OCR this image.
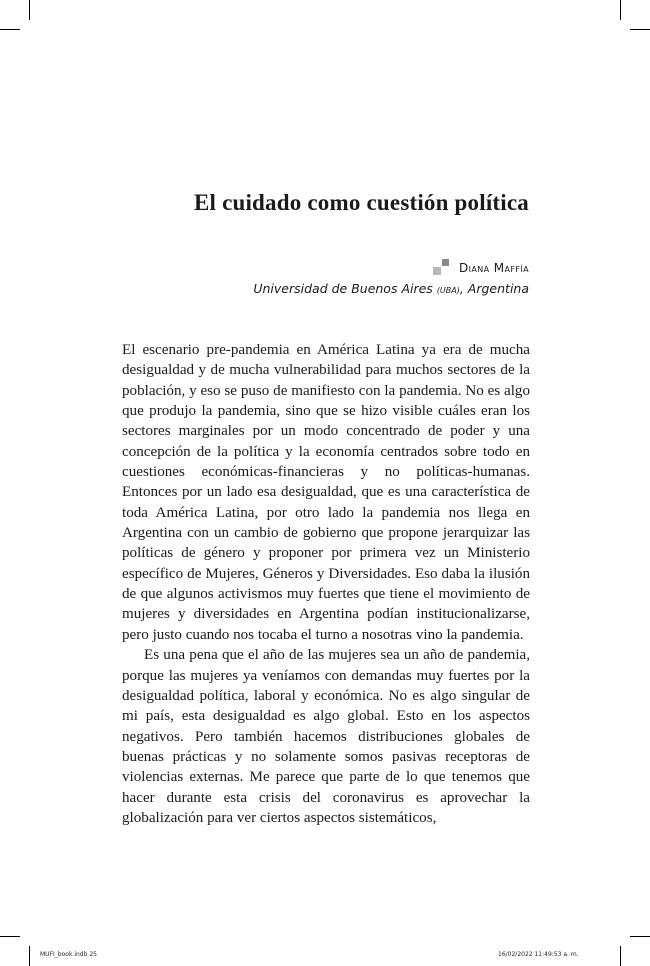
El cuidado como cuestión política
Diana Maffía
Universidad de Buenos Aires (UBA), Argentina

El escenario pre-pandemia en América Latina ya era de mucha desigualdad y de mucha vulnerabilidad para muchos sectores de la población, y eso se puso de manifiesto con la pandemia. No es algo que produjo la pandemia, sino que se hizo visible cuáles eran los sectores marginales por un modo concentrado de poder y una concepción de la política y la economía centrados sobre todo en cuestiones económicas-financieras y no políticas-humanas. Entonces por un lado esa desigualdad, que es una característica de toda América Latina, por otro lado la pandemia nos llega en Argentina con un cambio de gobierno que propone jerarquizar las políticas de género y proponer por primera vez un Ministerio específico de Mujeres, Géneros y Diversidades. Eso daba la ilusión de que algunos activismos muy fuertes que tiene el movimiento de mujeres y diversidades en Argentina podían institucionalizarse, pero justo cuando nos tocaba el turno a nosotras vino la pandemia.

Es una pena que el año de las mujeres sea un año de pandemia, porque las mujeres ya veníamos con demandas muy fuertes por la desigualdad política, laboral y económica. No es algo singular de mi país, esta desigualdad es algo global. Esto en los aspectos negativos. Pero también hacemos distribuciones globales de buenas prácticas y no solamente somos pasivas receptoras de violencias externas. Me parece que parte de lo que tenemos que hacer durante esta crisis del coronavirus es aprovechar la globalización para ver ciertos aspectos sistemáticos,

MUFI_book.indb 25	16/02/2022 11:49:53 a. m.
